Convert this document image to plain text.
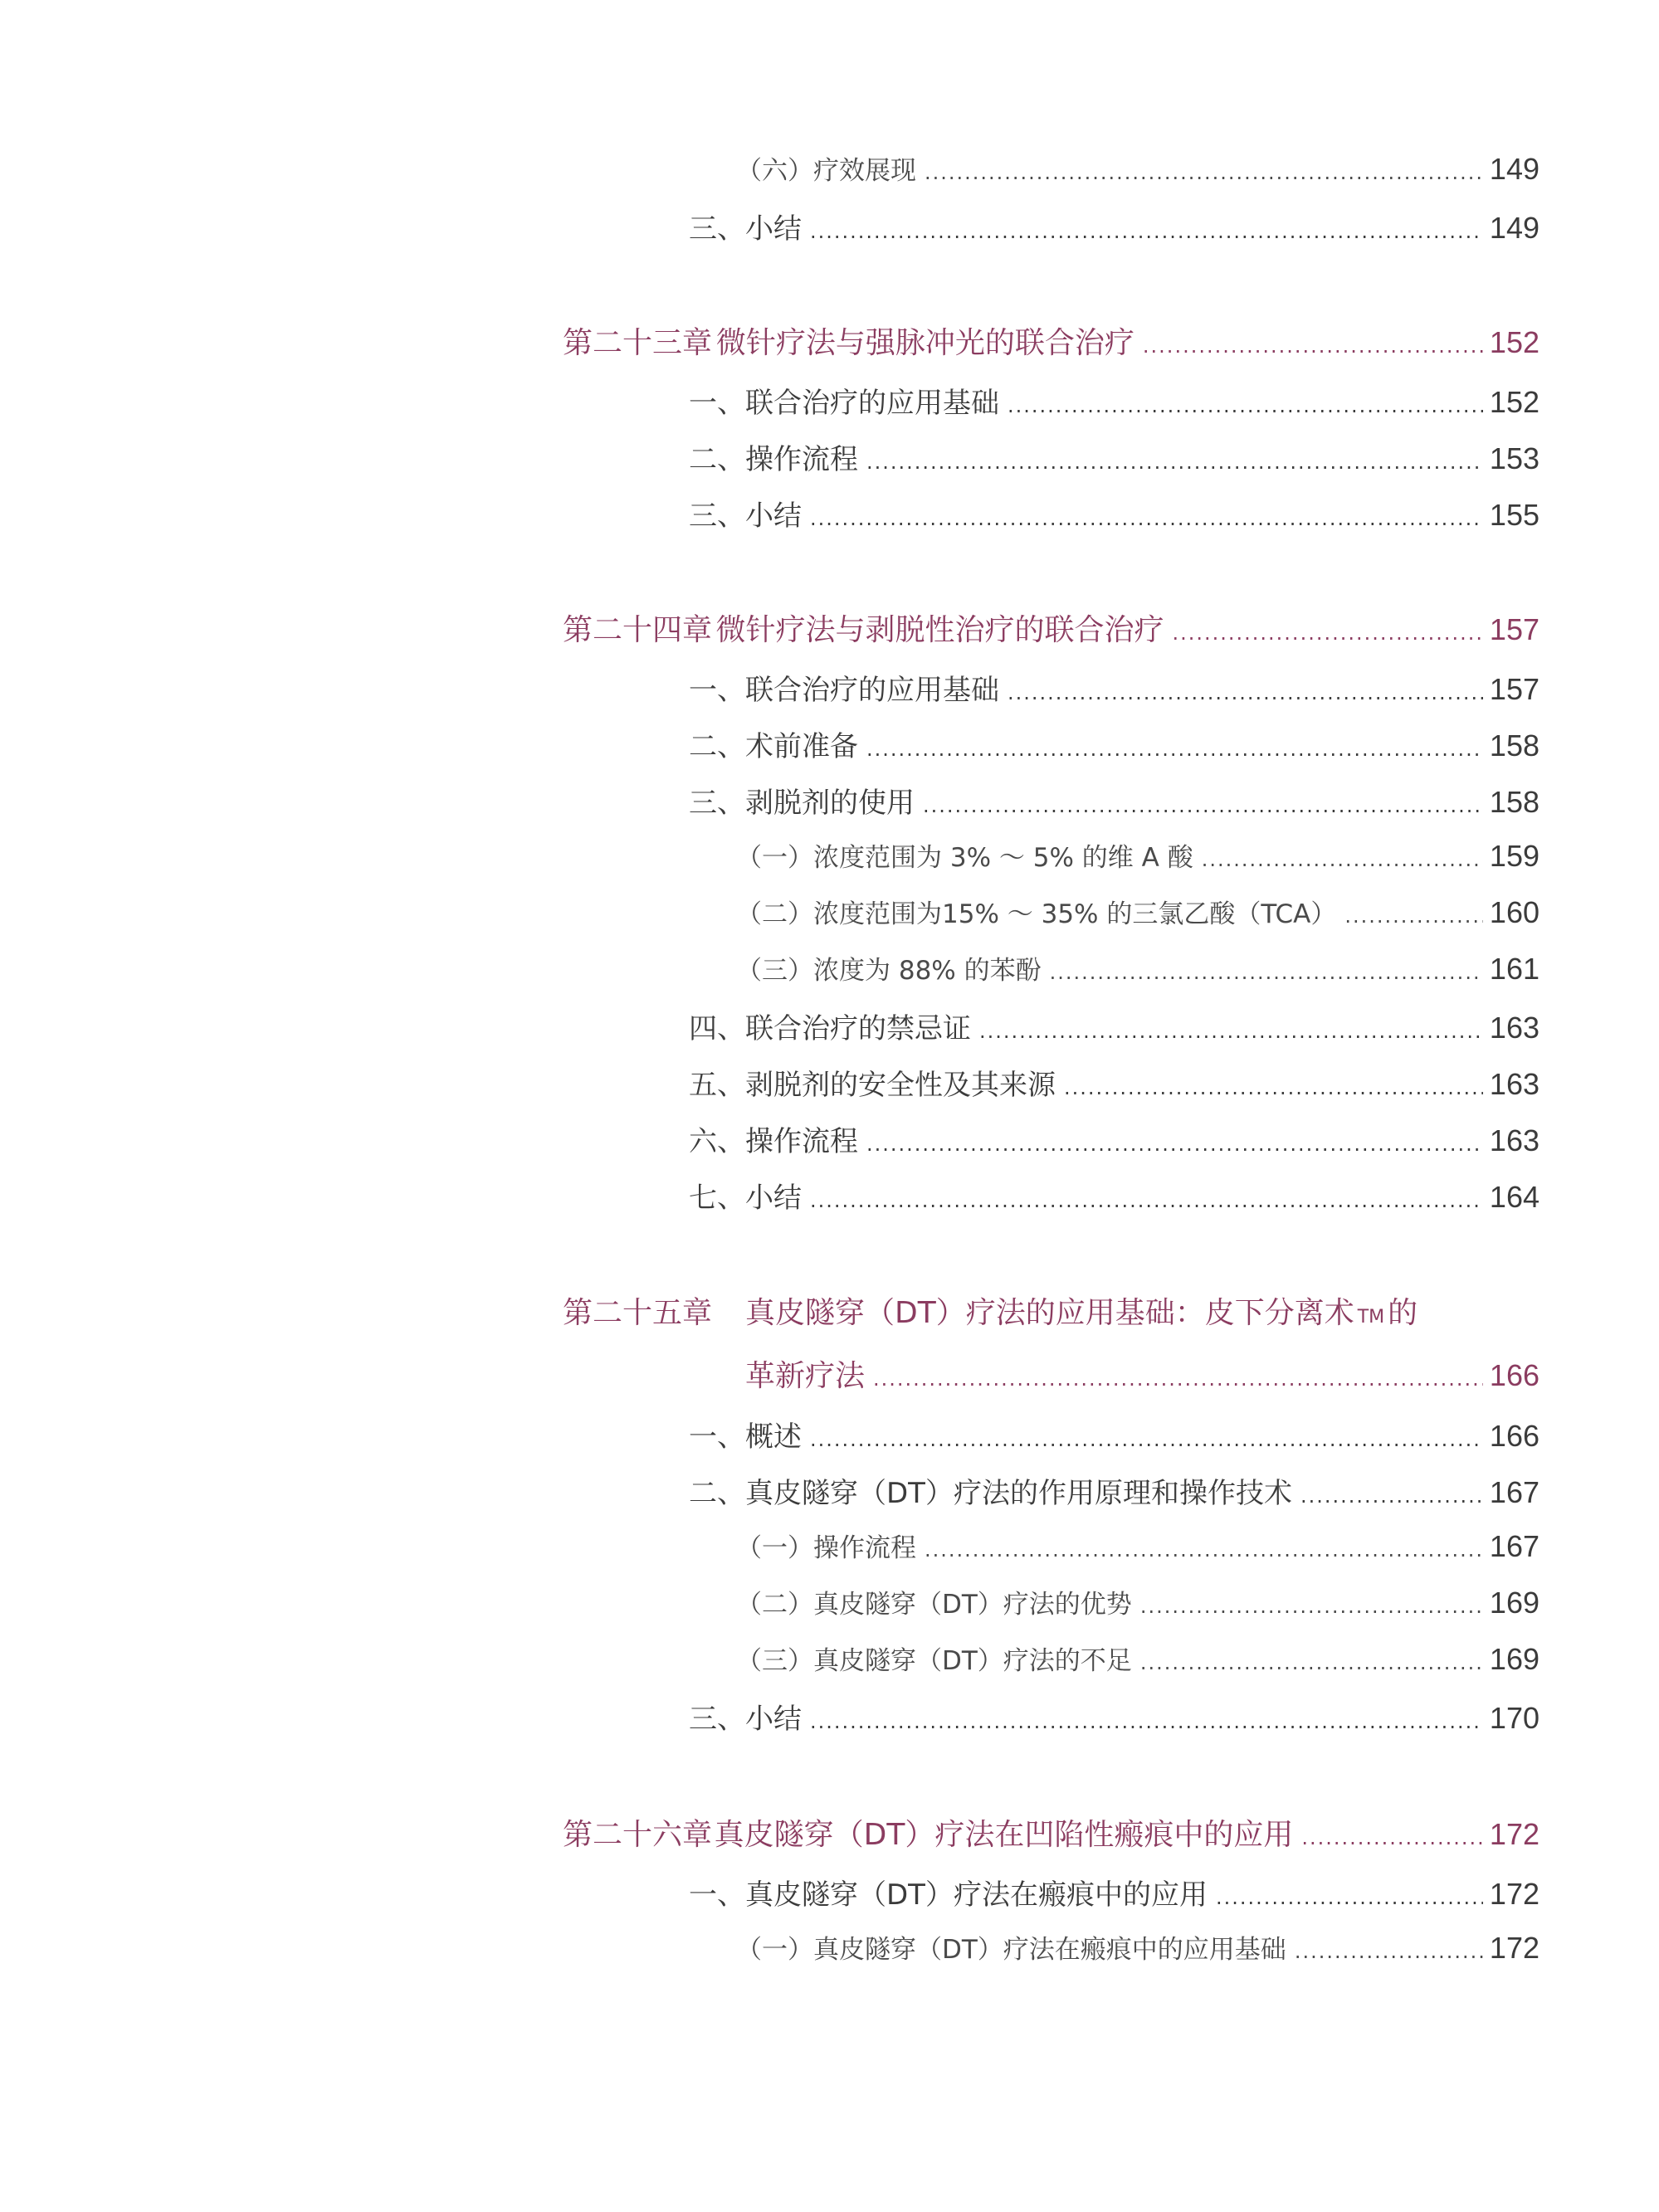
（六）疗效展现 .....	149
三、小结 .....	149
第二十三章 微针疗法与强脉冲光的联合治疗 .....	152
一、联合治疗的应用基础 .....	152
二、操作流程 .....	153
三、小结 .....	155
第二十四章 微针疗法与剥脱性治疗的联合治疗 .....	157
一、联合治疗的应用基础 .....	157
二、术前准备 .....	158
三、剥脱剂的使用 .....	158
（一）浓度范围为 3% ～ 5% 的维 A 酸 .....	159
（二）浓度范围为15% ～ 35% 的三氯乙酸（TCA） .....	160
（三）浓度为 88% 的苯酚 .....	161
四、联合治疗的禁忌证 .....	163
五、剥脱剂的安全性及其来源 .....	163
六、操作流程 .....	163
七、小结 .....	164
第二十五章 真皮隧穿（DT）疗法的应用基础：皮下分离术$_{TM}$ 的
革新疗法 .....	166
一、概述 .....	166
二、真皮隧穿（DT）疗法的作用原理和操作技术 .....	167
（一）操作流程 .....	167
（二）真皮隧穿（DT）疗法的优势 .....	169
（三）真皮隧穿（DT）疗法的不足 .....	169
三、小结 .....	170
第二十六章 真皮隧穿（DT）疗法在凹陷性瘢痕中的应用 .....	172
一、真皮隧穿（DT）疗法在瘢痕中的应用 .....	172
（一）真皮隧穿（DT）疗法在瘢痕中的应用基础 .....	172
